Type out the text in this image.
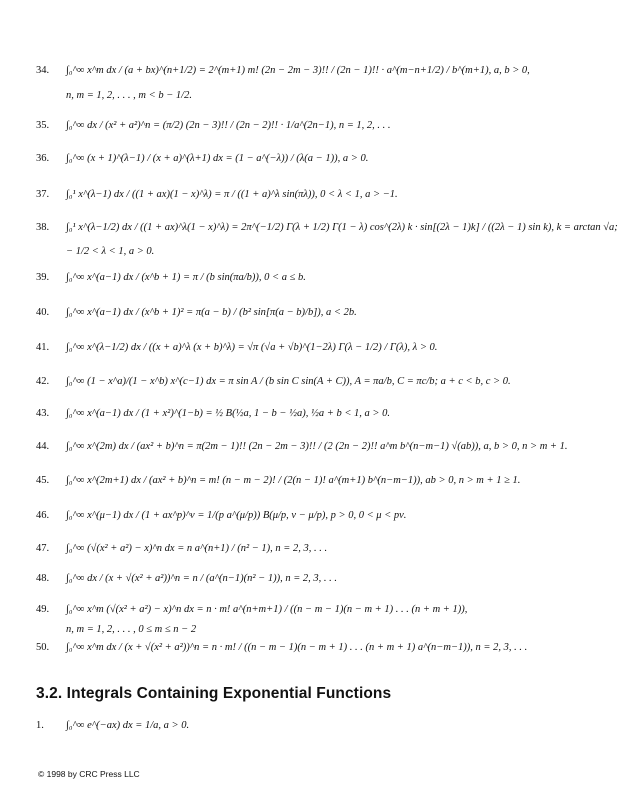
34. ∫₀^∞ x^m dx / (a + bx)^(n+1/2) = 2^(m+1) m! (2n − 2m − 3)!! / (2n − 1)!! · a^(m−n+1/2) / b^(m+1), a, b > 0,
n, m = 1, 2, . . . , m < b − 1/2.
35. ∫₀^∞ dx / (x² + a²)^n = (π/2) (2n − 3)!! / (2n − 2)!! · 1/a^(2n−1), n = 1, 2, . . .
36. ∫₀^∞ (x + 1)^(λ−1) / (x + a)^(λ+1) dx = (1 − a^(−λ)) / (λ(a − 1)), a > 0.
37. ∫₀¹ x^(λ−1) dx / ((1 + ax)(1 − x)^λ) = π / ((1 + a)^λ sin(πλ)), 0 < λ < 1, a > −1.
38. ∫₀¹ x^(λ−1/2) dx / ((1 + ax)^λ(1 − x)^λ) = 2π^(−1/2) Γ(λ + 1/2) Γ(1 − λ) cos^(2λ) k · sin[(2λ − 1)k] / ((2λ − 1) sin k), k = arctan √a;
− 1/2 < λ < 1, a > 0.
39. ∫₀^∞ x^(a−1) dx / (x^b + 1) = π / (b sin(πa/b)), 0 < a ≤ b.
40. ∫₀^∞ x^(a−1) dx / (x^b + 1)² = π(a − b) / (b² sin[π(a − b)/b]), a < 2b.
41. ∫₀^∞ x^(λ−1/2) dx / ((x + a)^λ (x + b)^λ) = √π (√a + √b)^(1−2λ) Γ(λ − 1/2) / Γ(λ), λ > 0.
42. ∫₀^∞ (1 − x^a)/(1 − x^b) x^(c−1) dx = π sin A / (b sin C sin(A + C)), A = πa/b, C = πc/b; a + c < b, c > 0.
43. ∫₀^∞ x^(a−1) dx / (1 + x²)^(1−b) = ½ B(½a, 1 − b − ½a), ½a + b < 1, a > 0.
44. ∫₀^∞ x^(2m) dx / (ax² + b)^n = π(2m − 1)!! (2n − 2m − 3)!! / (2 (2n − 2)!! a^m b^(n−m−1) √(ab)), a, b > 0, n > m + 1.
45. ∫₀^∞ x^(2m+1) dx / (ax² + b)^n = m! (n − m − 2)! / (2(n − 1)! a^(m+1) b^(n−m−1)), ab > 0, n > m + 1 ≥ 1.
46. ∫₀^∞ x^(μ−1) dx / (1 + ax^p)^ν = 1/(p a^(μ/p)) B(μ/p, ν − μ/p), p > 0, 0 < μ < pν.
47. ∫₀^∞ (√(x² + a²) − x)^n dx = n a^(n+1) / (n² − 1), n = 2, 3, . . .
48. ∫₀^∞ dx / (x + √(x² + a²))^n = n / (a^(n−1)(n² − 1)), n = 2, 3, . . .
49. ∫₀^∞ x^m (√(x² + a²) − x)^n dx = n · m! a^(n+m+1) / ((n − m − 1)(n − m + 1) . . . (n + m + 1)),
n, m = 1, 2, . . . , 0 ≤ m ≤ n − 2
50. ∫₀^∞ x^m dx / (x + √(x² + a²))^n = n · m! / ((n − m − 1)(n − m + 1) . . . (n + m + 1) a^(n−m−1)), n = 2, 3, . . .
3.2. Integrals Containing Exponential Functions
1. ∫₀^∞ e^(−ax) dx = 1/a, a > 0.
© 1998 by CRC Press LLC
